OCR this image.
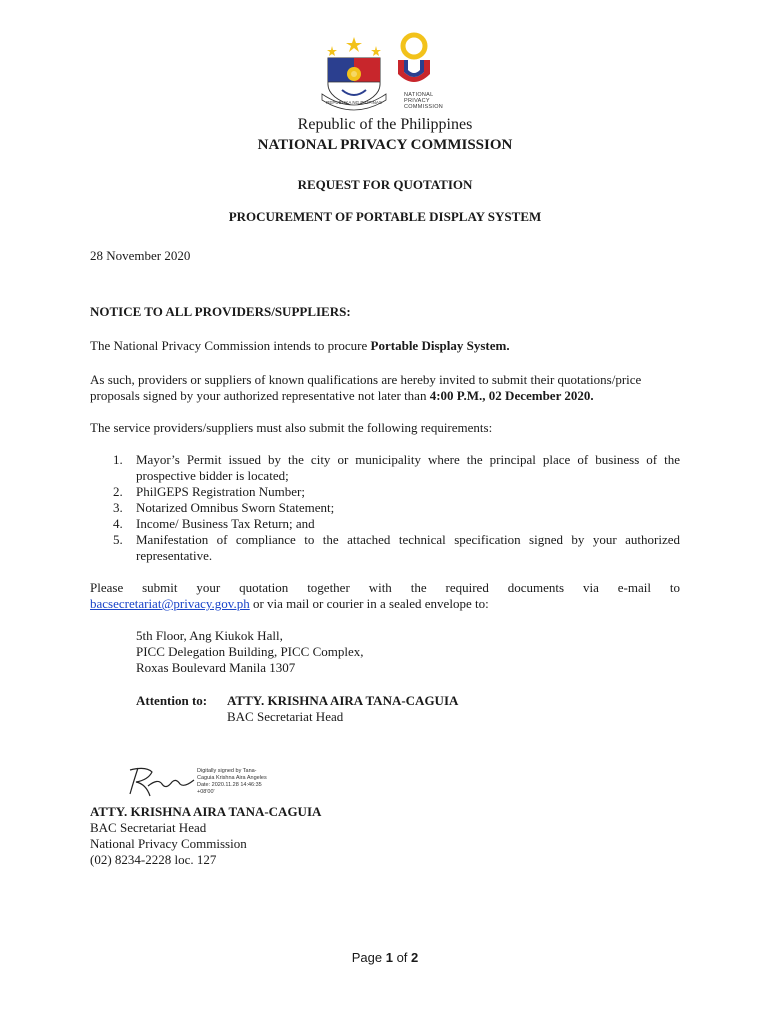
REPUBLIKA NG PILIPINAS
NATIONAL PRIVACY COMMISSION
Republic of the Philippines
NATIONAL PRIVACY COMMISSION
REQUEST FOR QUOTATION
PROCUREMENT OF PORTABLE DISPLAY SYSTEM
28 November 2020
NOTICE TO ALL PROVIDERS/SUPPLIERS:
The National Privacy Commission intends to procure Portable Display System.
As such, providers or suppliers of known qualifications are hereby invited to submit their quotations/price
proposals signed by your authorized representative not later than 4:00 P.M., 02 December 2020.
The service providers/suppliers must also submit the following requirements:
1. Mayor’s Permit issued by the city or municipality where the principal place of business of the prospective bidder is located;
2. PhilGEPS Registration Number;
3. Notarized Omnibus Sworn Statement;
4. Income/ Business Tax Return; and
5. Manifestation of compliance to the attached technical specification signed by your authorized representative.
Please submit your quotation together with the required documents via e-mail to
bacsecretariat@privacy.gov.ph or via mail or courier in a sealed envelope to:
5th Floor, Ang Kiukok Hall,
PICC Delegation Building, PICC Complex,
Roxas Boulevard Manila 1307
Attention to: ATTY. KRISHNA AIRA TANA-CAGUIA
BAC Secretariat Head
Digitally signed by Tana-
Caguia Krishna Aira Angeles
Date: 2020.11.28 14:46:35
+08'00'
ATTY. KRISHNA AIRA TANA-CAGUIA
BAC Secretariat Head
National Privacy Commission
(02) 8234-2228 loc. 127
Page 1 of 2
